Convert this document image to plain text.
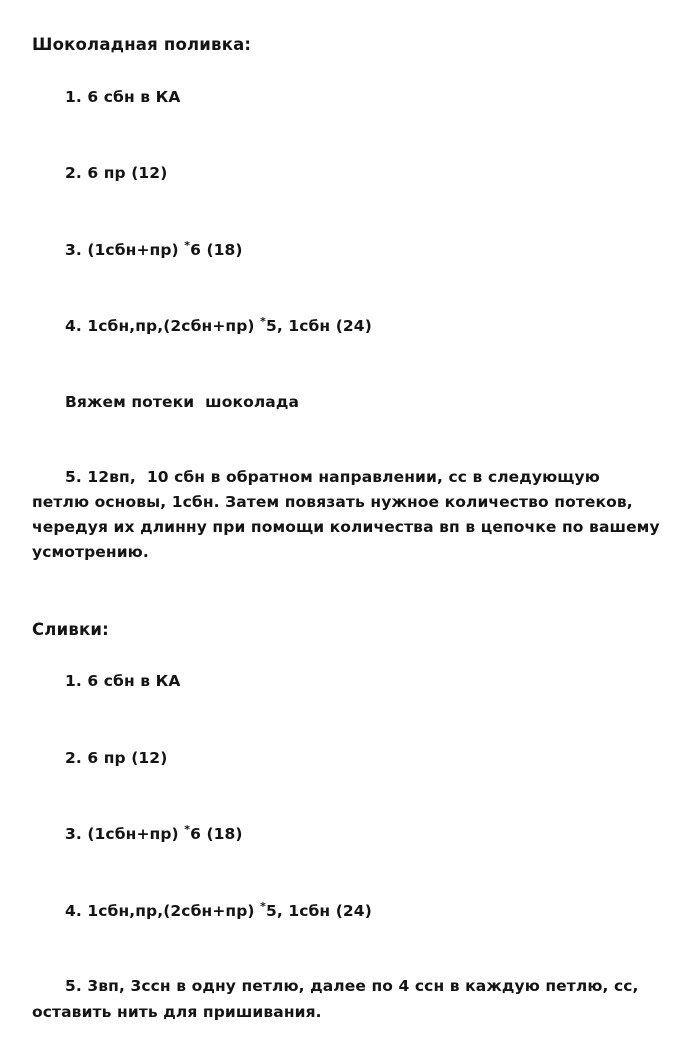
Шоколадная поливка:

1. 6 сбн в КА

2. 6 пр (12)

3. (1сбн+пр) *6 (18)

4. 1сбн,пр,(2сбн+пр) *5, 1сбн (24)

Вяжем потеки  шоколада

5. 12вп,  10 сбн в обратном направлении, сс в следующую петлю основы, 1сбн. Затем повязать нужное количество потеков, чередуя их длинну при помощи количества вп в цепочке по вашему усмотрению.

Сливки:

1. 6 сбн в КА

2. 6 пр (12)

3. (1сбн+пр) *6 (18)

4. 1сбн,пр,(2сбн+пр) *5, 1сбн (24)

5. 3вп, 3ссн в одну петлю, далее по 4 ссн в каждую петлю, сс, оставить нить для пришивания.
